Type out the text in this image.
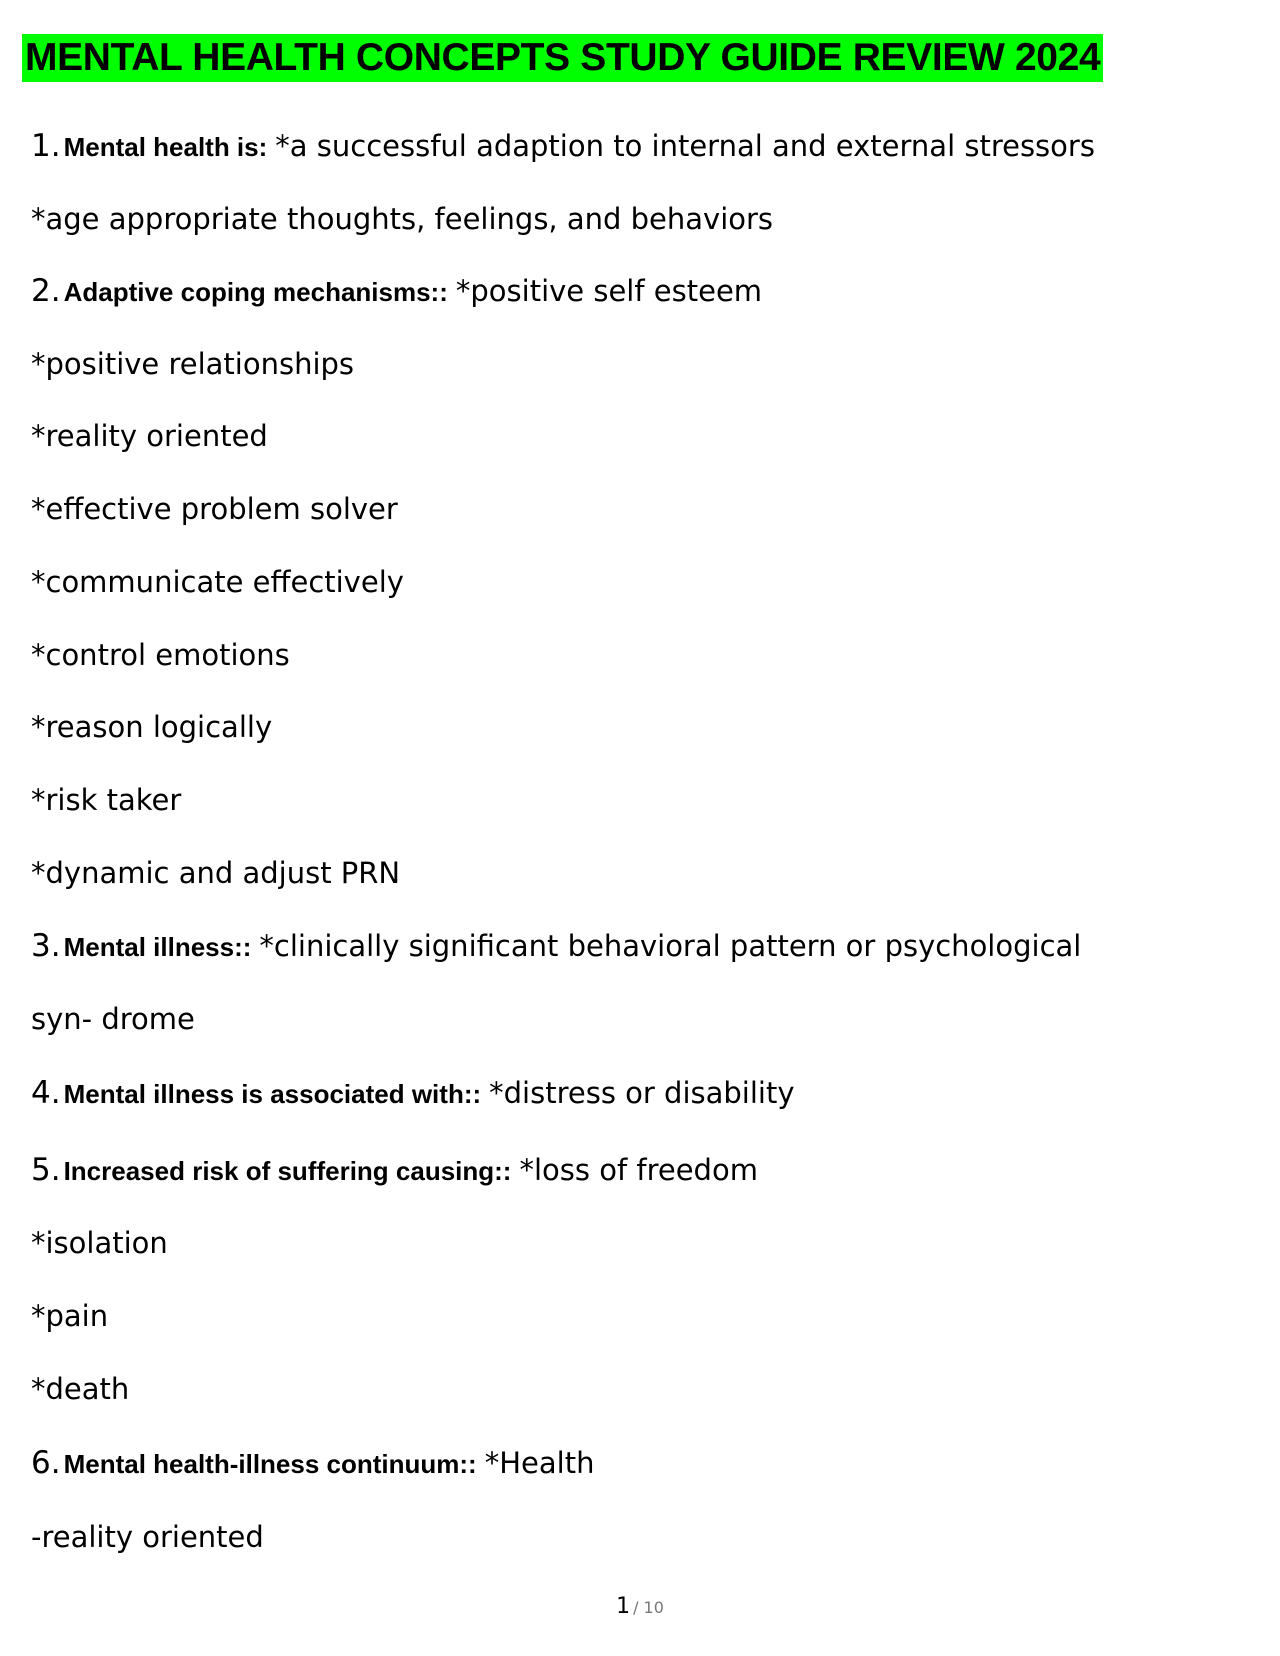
MENTAL HEALTH CONCEPTS STUDY GUIDE REVIEW 2024
1. Mental health is: *a successful adaption to internal and external stressors
*age appropriate thoughts, feelings, and behaviors
2. Adaptive coping mechanisms:: *positive self esteem
*positive relationships
*reality oriented
*effective problem solver
*communicate effectively
*control emotions
*reason logically
*risk taker
*dynamic and adjust PRN
3. Mental illness:: *clinically significant behavioral pattern or psychological
syn- drome
4. Mental illness is associated with:: *distress or disability
5. Increased risk of suffering causing:: *loss of freedom
*isolation
*pain
*death
6. Mental health-illness continuum:: *Health
-reality oriented
1 / 10
